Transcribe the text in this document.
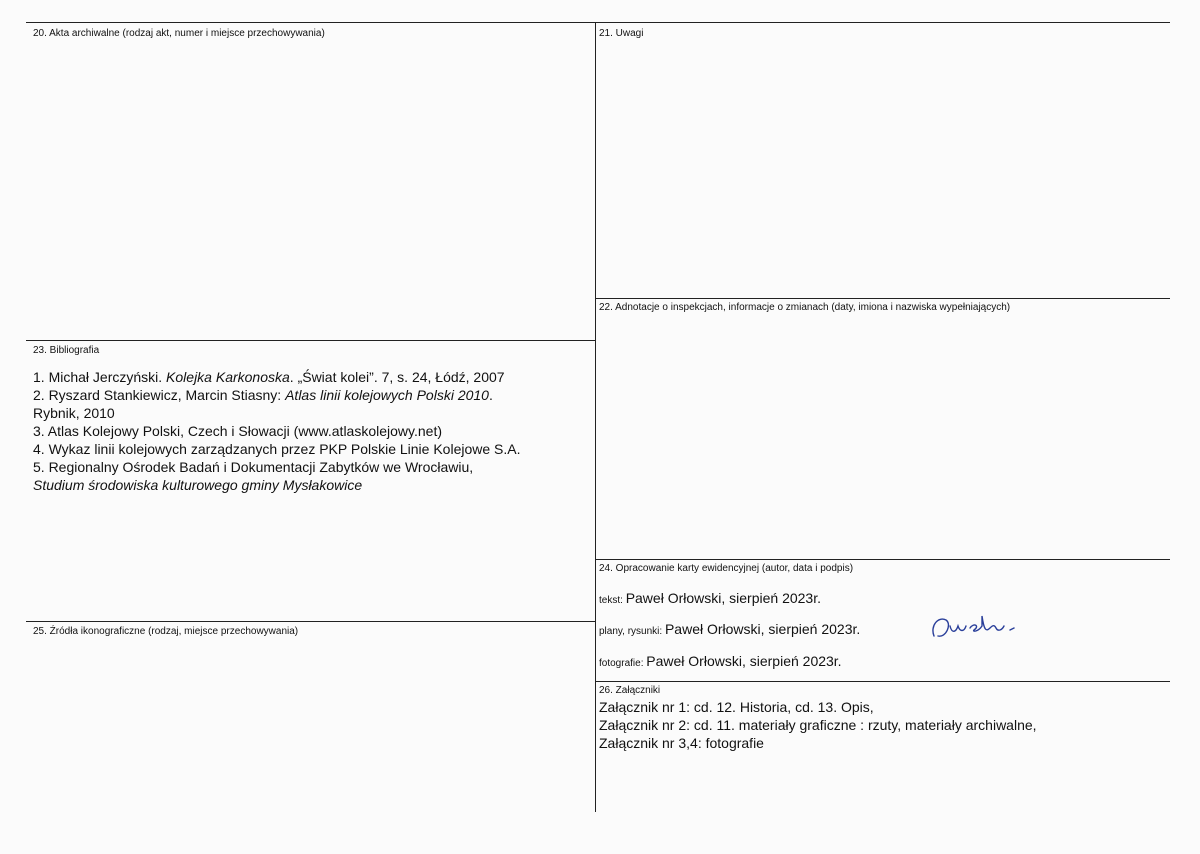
20. Akta archiwalne (rodzaj akt, numer i miejsce przechowywania)	21. Uwagi
22. Adnotacje o inspekcjach, informacje o zmianach (daty, imiona i nazwiska wypełniających)
23. Bibliografia
1. Michał Jerczyński. Kolejka Karkonoska. „Świat kolei”. 7, s. 24, Łódź, 2007
2. Ryszard Stankiewicz, Marcin Stiasny: Atlas linii kolejowych Polski 2010.
Rybnik, 2010
3. Atlas Kolejowy Polski, Czech i Słowacji (www.atlaskolejowy.net)
4. Wykaz linii kolejowych zarządzanych przez PKP Polskie Linie Kolejowe S.A.
5. Regionalny Ośrodek Badań i Dokumentacji Zabytków we Wrocławiu,
Studium środowiska kulturowego gminy Mysłakowice
24. Opracowanie karty ewidencyjnej (autor, data i podpis)
tekst: Paweł Orłowski, sierpień 2023r.
plany, rysunki: Paweł Orłowski, sierpień 2023r.
fotografie: Paweł Orłowski, sierpień 2023r.
25. Źródła ikonograficzne (rodzaj, miejsce przechowywania)
26. Załączniki
Załącznik nr 1: cd. 12. Historia, cd. 13. Opis,
Załącznik nr 2: cd. 11. materiały graficzne : rzuty, materiały archiwalne,
Załącznik nr 3,4: fotografie
